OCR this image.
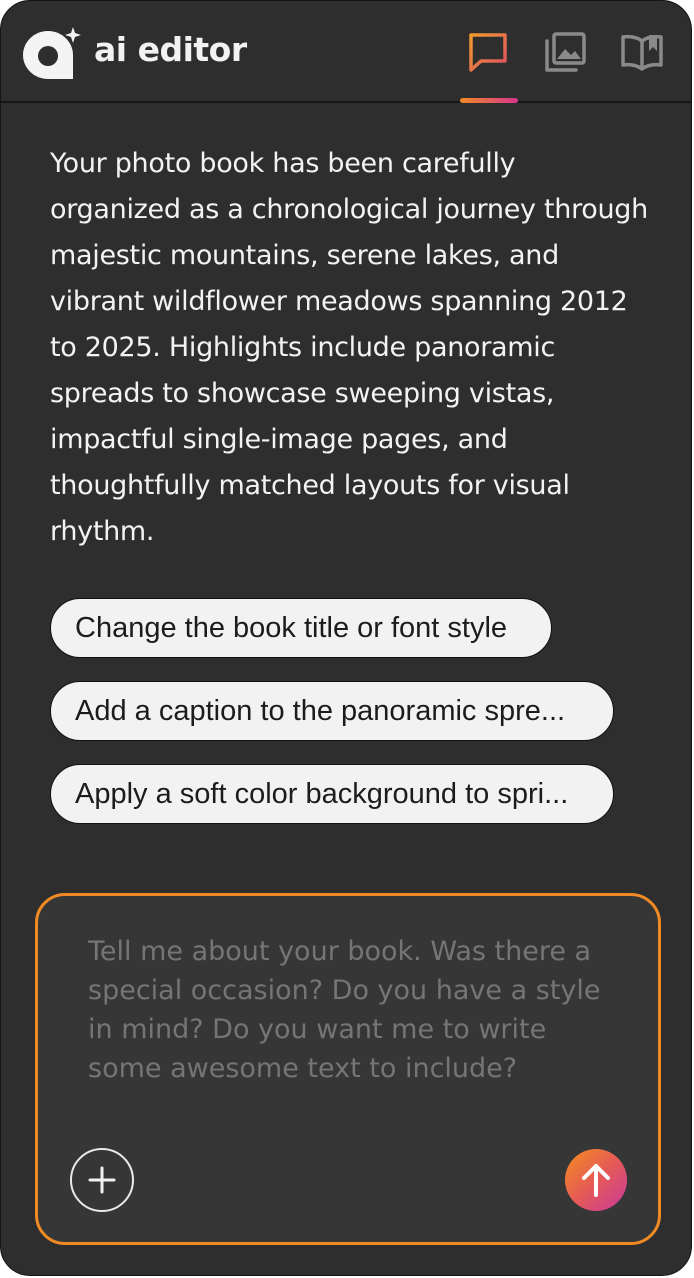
ai editor
Your photo book has been carefully organized as a chronological journey through majestic mountains, serene lakes, and vibrant wildflower meadows spanning 2012 to 2025. Highlights include panoramic spreads to showcase sweeping vistas, impactful single-image pages, and thoughtfully matched layouts for visual rhythm.
Change the book title or font style
Add a caption to the panoramic spre...
Apply a soft color background to spri...
Tell me about your book. Was there a special occasion? Do you have a style in mind? Do you want me to write some awesome text to include?
